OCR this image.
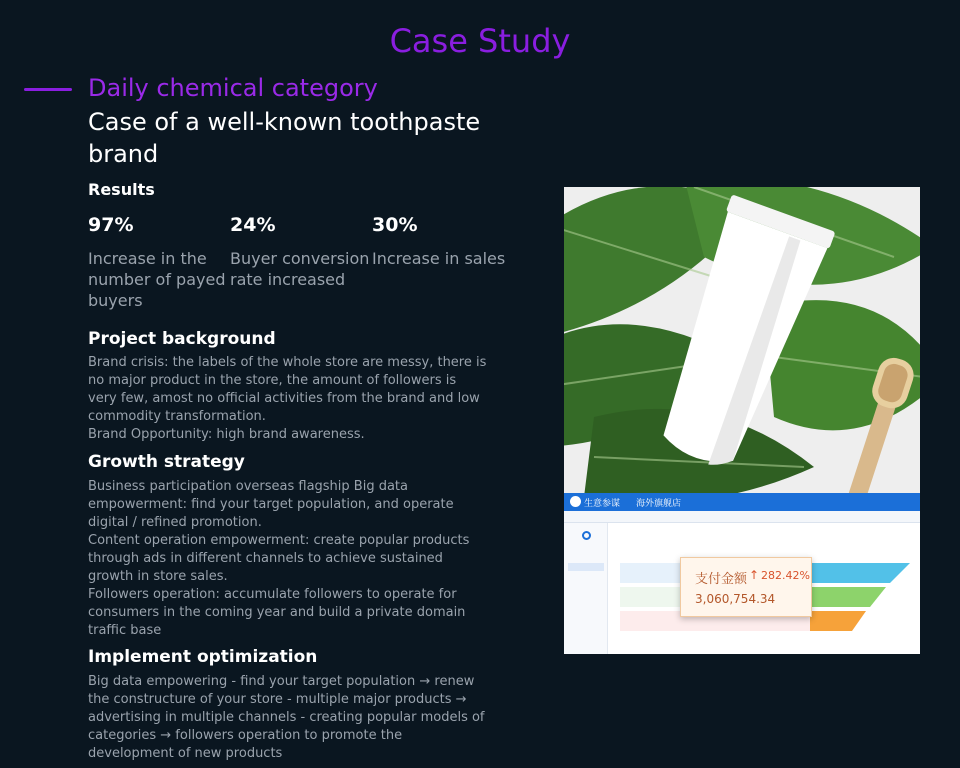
Case Study
Daily chemical category
Case of a well-known toothpaste brand
Results
97%
Increase in the number of payed buyers
24%
Buyer conversion rate increased
30%
Increase in sales
Project background
Brand crisis: the labels of the whole store are messy, there is no major product in the store, the amount of followers is very few, amost no official activities from the brand and low commodity transformation.
Brand Opportunity: high brand awareness.
Growth strategy
Business participation overseas flagship Big data empowerment: find your target population, and operate digital / refined promotion.
Content operation empowerment: create popular products through ads in different channels to achieve sustained growth in store sales.
Followers operation: accumulate followers to operate for consumers in the coming year and build a private domain traffic base
Implement optimization
Big data empowering - find your target population → renew the constructure of your store - multiple major products → advertising in multiple channels - creating popular models of categories → followers operation to promote the development of new products
生意参谋 海外旗舰店
支付金额 ↑ 282.42%
3,060,754.34
